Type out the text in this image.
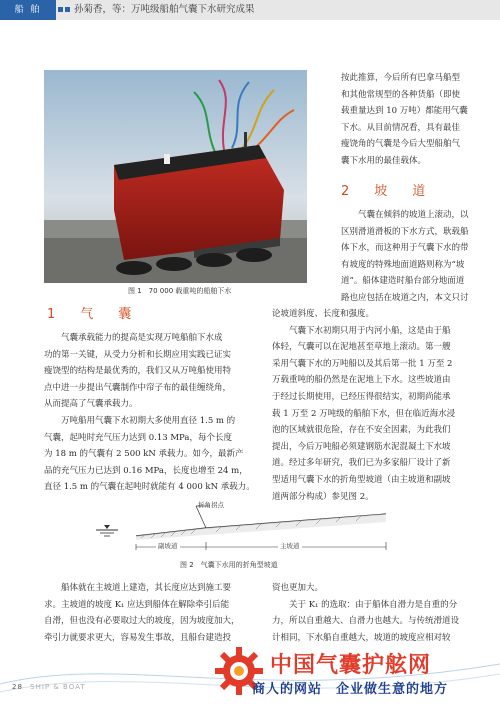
船 舶	孙菊香，等：万吨级船舶气囊下水研究成果
图 1　70 000 载重吨的船舶下水
按此推算，今后所有巴拿马船型
和其他常规型的各种货船（即使
载重量达到 10 万吨）都能用气囊
下水。从目前情况看，具有最佳
瘦饶角的气囊是今后大型船舶气
囊下水用的最佳载体。
2　坡　道
气囊在倾斜的坡道上滚动，以
区别滑道滑板的下水方式，耿载船
体下水，而这种用于气囊下水的带
有坡度的特殊地面道路则称为“坡
道”。船体建造时船台部分地面道
路也应包括在坡道之内，本文只讨
论坡道斜度、长度和强度。
气囊下水初期只用于内河小船，这是由于船
体轻，气囊可以在泥地甚至草地上滚动。第一艘
采用气囊下水的万吨船以及其后第一批 1 万至 2
万载重吨的船仍然是在泥地上下水。这些坡道由
于经过长期使用，已经压得很结实，初期尚能承
载 1 万至 2 万吨级的船舶下水，但在临近海水浸
泡的区域就很危险，存在不安全因素，为此我们
提出，今后万吨船必须建钢筋水泥混凝土下水坡
道。经过多年研究，我们已为多家船厂设计了新
型适用气囊下水的折角型坡道（由主坡道和副坡
道两部分构成）参见图 2。
1　气　囊
气囊承载能力的提高是实现万吨船舶下水成
功的第一关键，从受力分析和长期应用实践已证实
瘦饶型的结构是最优秀的，我们又从万吨船使用特
点中进一步提出气囊制作中帘子布的最佳缠绕角，
从而提高了气囊承载力。
万吨船用气囊下水初期大多使用直径 1.5 m 的
气囊，起吨时充气压力达到 0.13 MPa，每个长度
为 18 m 的气囊有 2 500 kN 承载力。如今，最新产
品的充气压力已达到 0.16 MPa，长度也增至 24 m，
直径 1.5 m 的气囊在起吨时就能有 4 000 kN 承载力。
折角拐点
副坡道	主坡道
图 2　气囊下水用的折角型坡道
船体就在主坡道上建造，其长度应达到施工要
求。主坡道的坡度 K₁ 应达到船体在解除牵引后能
自滑，但也没有必要取过大的坡度，因为坡度加大，
牵引力就要求更大，容易发生事故，且船台建造投
资也更加大。
关于 K₁ 的选取：由于船体自滑力是自重的分
力，所以自重越大、自滑力也越大。与传统滑道设
计相同，下水船自重越大，坡道的坡度应相对较
28 SHIP & BOAT
中国气囊护舷网
商人的网站　企业做生意的地方
